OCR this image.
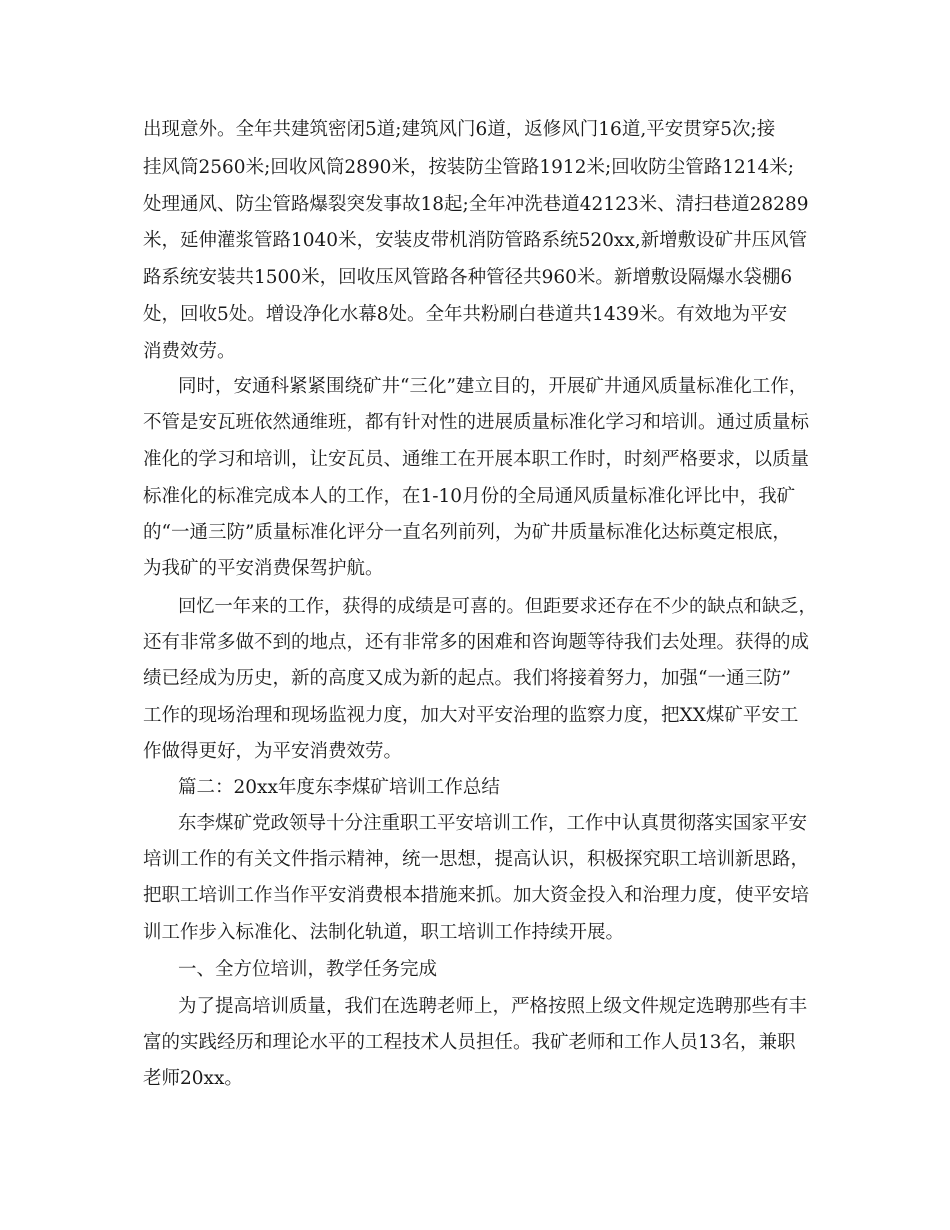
出现意外。全年共建筑密闭5道;建筑风门6道，返修风门16道,平安贯穿5次;接
挂风筒2560米;回收风筒2890米，按装防尘管路1912米;回收防尘管路1214米;
处理通风、防尘管路爆裂突发事故18起;全年冲洗巷道42123米、清扫巷道28289
米，延伸灌浆管路1040米，安装皮带机消防管路系统520xx,新增敷设矿井压风管
路系统安装共1500米，回收压风管路各种管径共960米。新增敷设隔爆水袋棚6
处，回收5处。增设净化水幕8处。全年共粉刷白巷道共1439米。有效地为平安
消费效劳。
同时，安通科紧紧围绕矿井“三化”建立目的，开展矿井通风质量标准化工作，
不管是安瓦班依然通维班，都有针对性的进展质量标准化学习和培训。通过质量标
准化的学习和培训，让安瓦员、通维工在开展本职工作时，时刻严格要求，以质量
标准化的标准完成本人的工作，在1-10月份的全局通风质量标准化评比中，我矿
的“一通三防”质量标准化评分一直名列前列，为矿井质量标准化达标奠定根底，
为我矿的平安消费保驾护航。
回忆一年来的工作，获得的成绩是可喜的。但距要求还存在不少的缺点和缺乏，
还有非常多做不到的地点，还有非常多的困难和咨询题等待我们去处理。获得的成
绩已经成为历史，新的高度又成为新的起点。我们将接着努力，加强“一通三防”
工作的现场治理和现场监视力度，加大对平安治理的监察力度，把XX煤矿平安工
作做得更好，为平安消费效劳。
篇二：20xx年度东李煤矿培训工作总结
东李煤矿党政领导十分注重职工平安培训工作，工作中认真贯彻落实国家平安
培训工作的有关文件指示精神，统一思想，提高认识，积极探究职工培训新思路，
把职工培训工作当作平安消费根本措施来抓。加大资金投入和治理力度，使平安培
训工作步入标准化、法制化轨道，职工培训工作持续开展。
一、全方位培训，教学任务完成
为了提高培训质量，我们在选聘老师上，严格按照上级文件规定选聘那些有丰
富的实践经历和理论水平的工程技术人员担任。我矿老师和工作人员13名，兼职
老师20xx。
